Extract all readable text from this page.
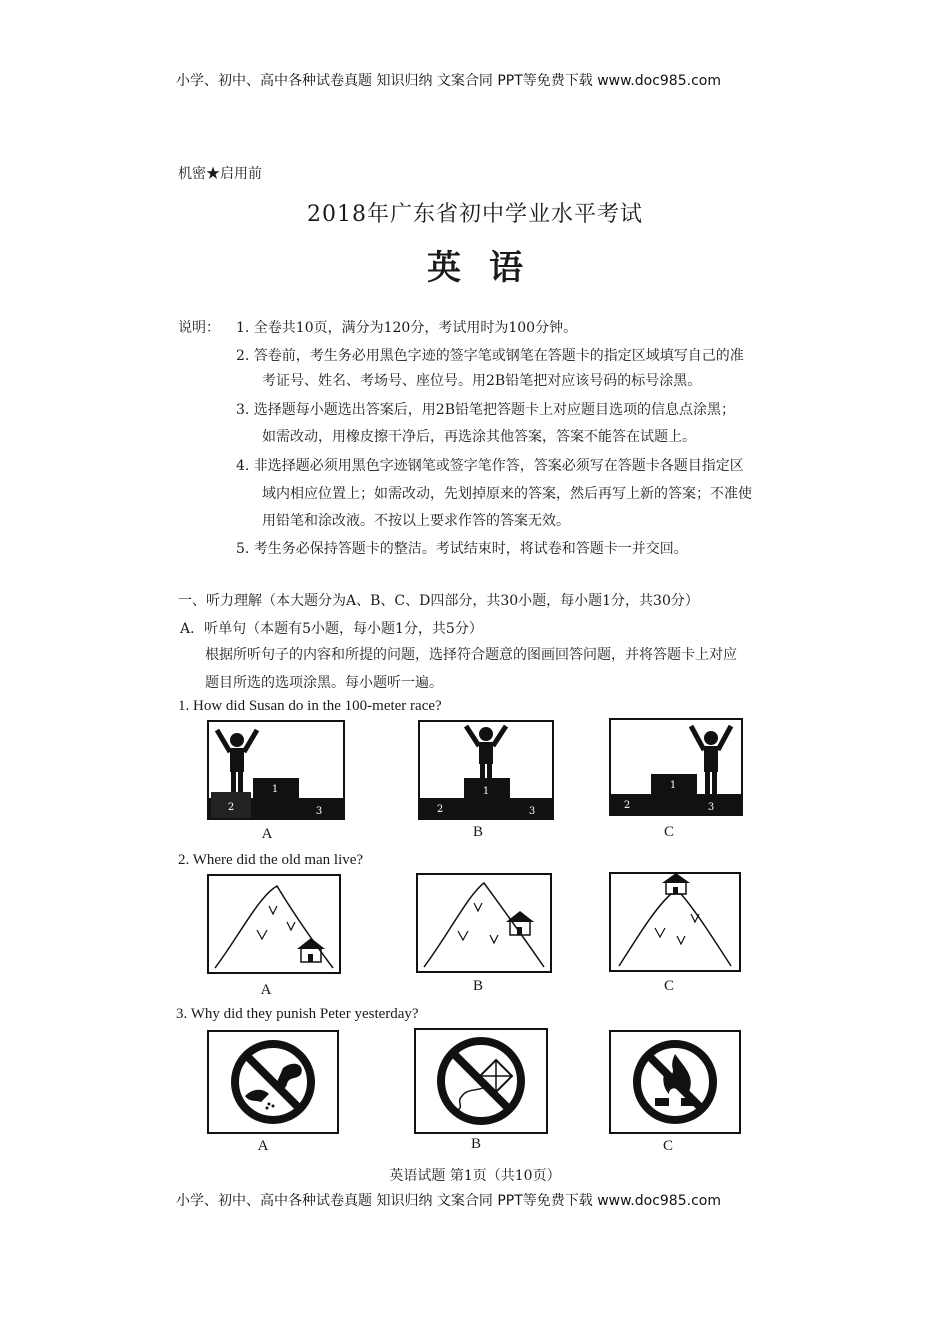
小学、初中、高中各种试卷真题 知识归纳 文案合同 PPT等免费下载 www.doc985.com
机密★启用前
2018年广东省初中学业水平考试
英语
说明： 1. 全卷共10页，满分为120分，考试用时为100分钟。
2. 答卷前，考生务必用黑色字迹的签字笔或钢笔在答题卡的指定区域填写自己的准
考证号、姓名、考场号、座位号。用2B铅笔把对应该号码的标号涂黑。
3. 选择题每小题选出答案后，用2B铅笔把答题卡上对应题目选项的信息点涂黑；
如需改动，用橡皮擦干净后，再选涂其他答案，答案不能答在试题上。
4. 非选择题必须用黑色字迹钢笔或签字笔作答，答案必须写在答题卡各题目指定区
域内相应位置上；如需改动，先划掉原来的答案，然后再写上新的答案；不准使
用铅笔和涂改液。不按以上要求作答的答案无效。
5. 考生务必保持答题卡的整洁。考试结束时，将试卷和答题卡一并交回。
一、听力理解（本大题分为A、B、C、D四部分，共30小题，每小题1分，共30分）
A．听单句（本题有5小题，每小题1分，共5分）
根据所听句子的内容和所提的问题，选择符合题意的图画回答问题，并将答题卡上对应
题目所选的选项涂黑。每小题听一遍。
1. How did Susan do in the 100-meter race?
2
1
3	2
1
3
2
1
3
A	B	C
2. Where did the old man live?
A	B	C
3. Why did they punish Peter yesterday?
A	B	C
英语试题 第1页（共10页）
小学、初中、高中各种试卷真题 知识归纳 文案合同 PPT等免费下载 www.doc985.com
